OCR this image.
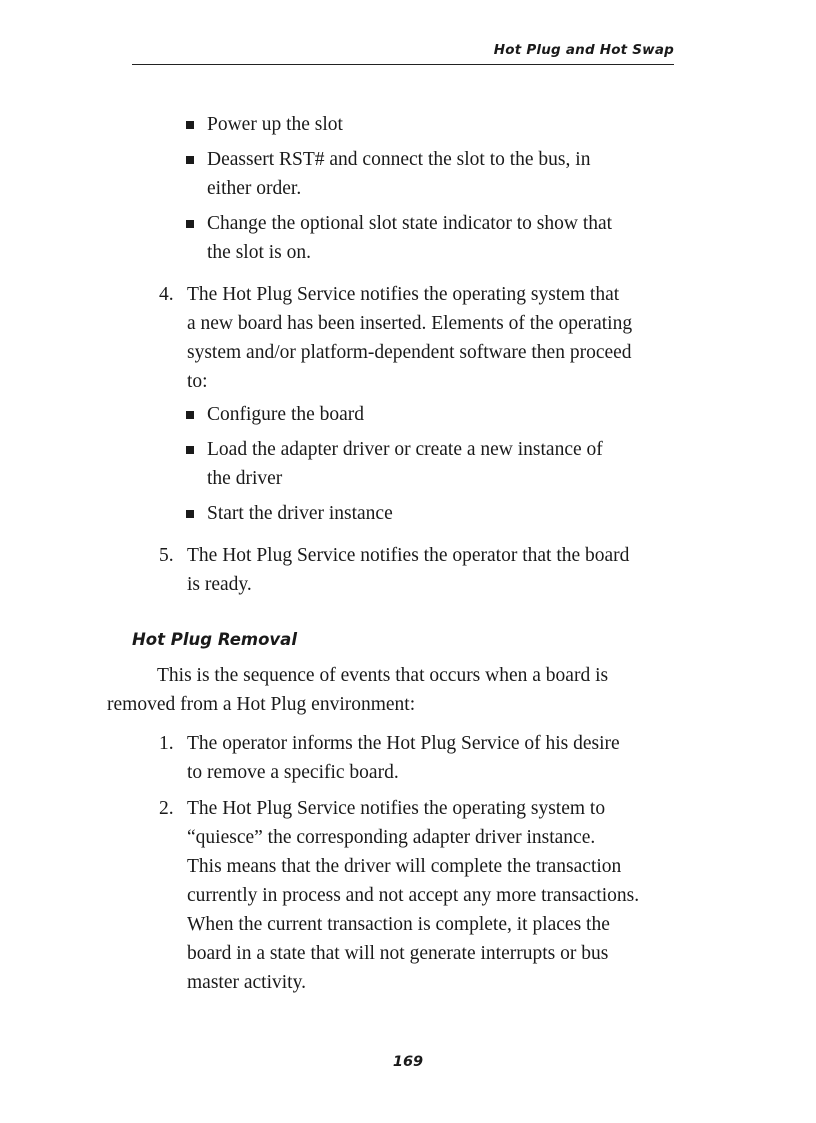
Hot Plug and Hot Swap
Power up the slot
Deassert RST# and connect the slot to the bus, in
either order.
Change the optional slot state indicator to show that
the slot is on.
4. The Hot Plug Service notifies the operating system that
a new board has been inserted. Elements of the operating
system and/or platform-dependent software then proceed
to:
Configure the board
Load the adapter driver or create a new instance of
the driver
Start the driver instance
5. The Hot Plug Service notifies the operator that the board
is ready.
Hot Plug Removal
This is the sequence of events that occurs when a board is
removed from a Hot Plug environment:
1. The operator informs the Hot Plug Service of his desire
to remove a specific board.
2. The Hot Plug Service notifies the operating system to
“quiesce” the corresponding adapter driver instance.
This means that the driver will complete the transaction
currently in process and not accept any more transactions.
When the current transaction is complete, it places the
board in a state that will not generate interrupts or bus
master activity.
169
